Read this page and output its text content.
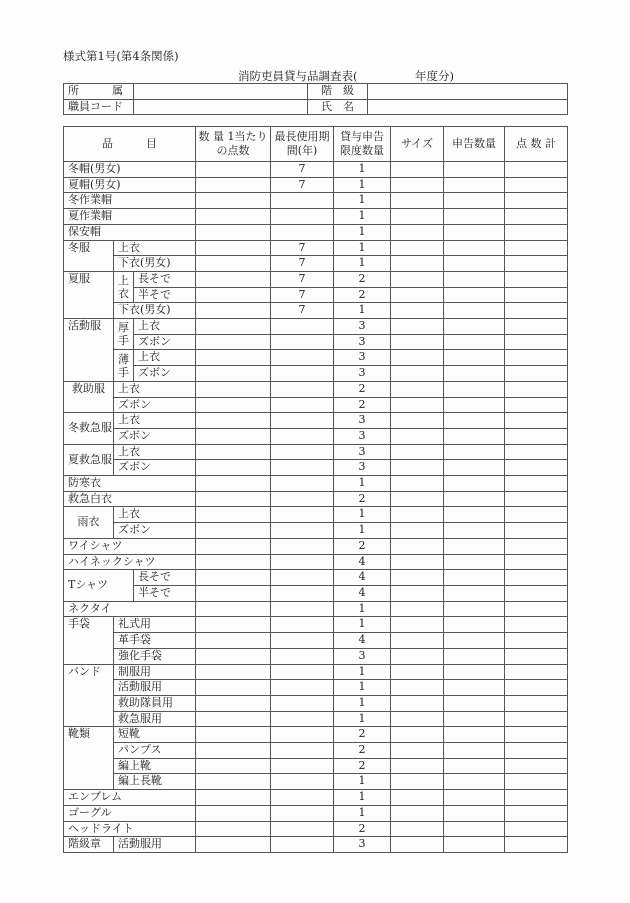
様式第1号(第4条関係)
消防吏員貸与品調査表(　　　　　年度分)
所　　　属		階　級	
職員コード		氏　名	
品　　　目			数 量 1当たりの点数	最長使用期間(年)	貸与申告限度数量	サイズ	申告数量	点 数 計
冬帽(男女)				7	1			
夏帽(男女)				7	1			
冬作業帽					1			
夏作業帽					1			
保安帽					1			
冬服	上衣			7	1			
	下衣(男女)			7	1			
夏服	上衣	長そで		7	2			
		半そで		7	2			
	下衣(男女)			7	1			
活動服	厚手	上衣			3			
		ズボン			3			
	薄手	上衣			3			
		ズボン			3			
救助服	上衣				2			
	ズボン				2			
冬救急服	上衣				3			
	ズボン				3			
夏救急服	上衣				3			
	ズボン				3			
防寒衣					1			
救急白衣					2			
雨衣	上衣				1			
	ズボン				1			
ワイシャツ					2			
ハイネックシャツ					4			
Tシャツ		長そで			4			
		半そで			4			
ネクタイ					1			
手袋	礼式用				1			
	革手袋				4			
	強化手袋				3			
バンド	制服用				1			
	活動服用				1			
	救助隊員用				1			
	救急服用				1			
靴類	短靴				2			
	パンプス				2			
	編上靴				2			
	編上長靴				1			
エンブレム					1			
ゴーグル					1			
ヘッドライト					2			
階級章	活動服用				3			
